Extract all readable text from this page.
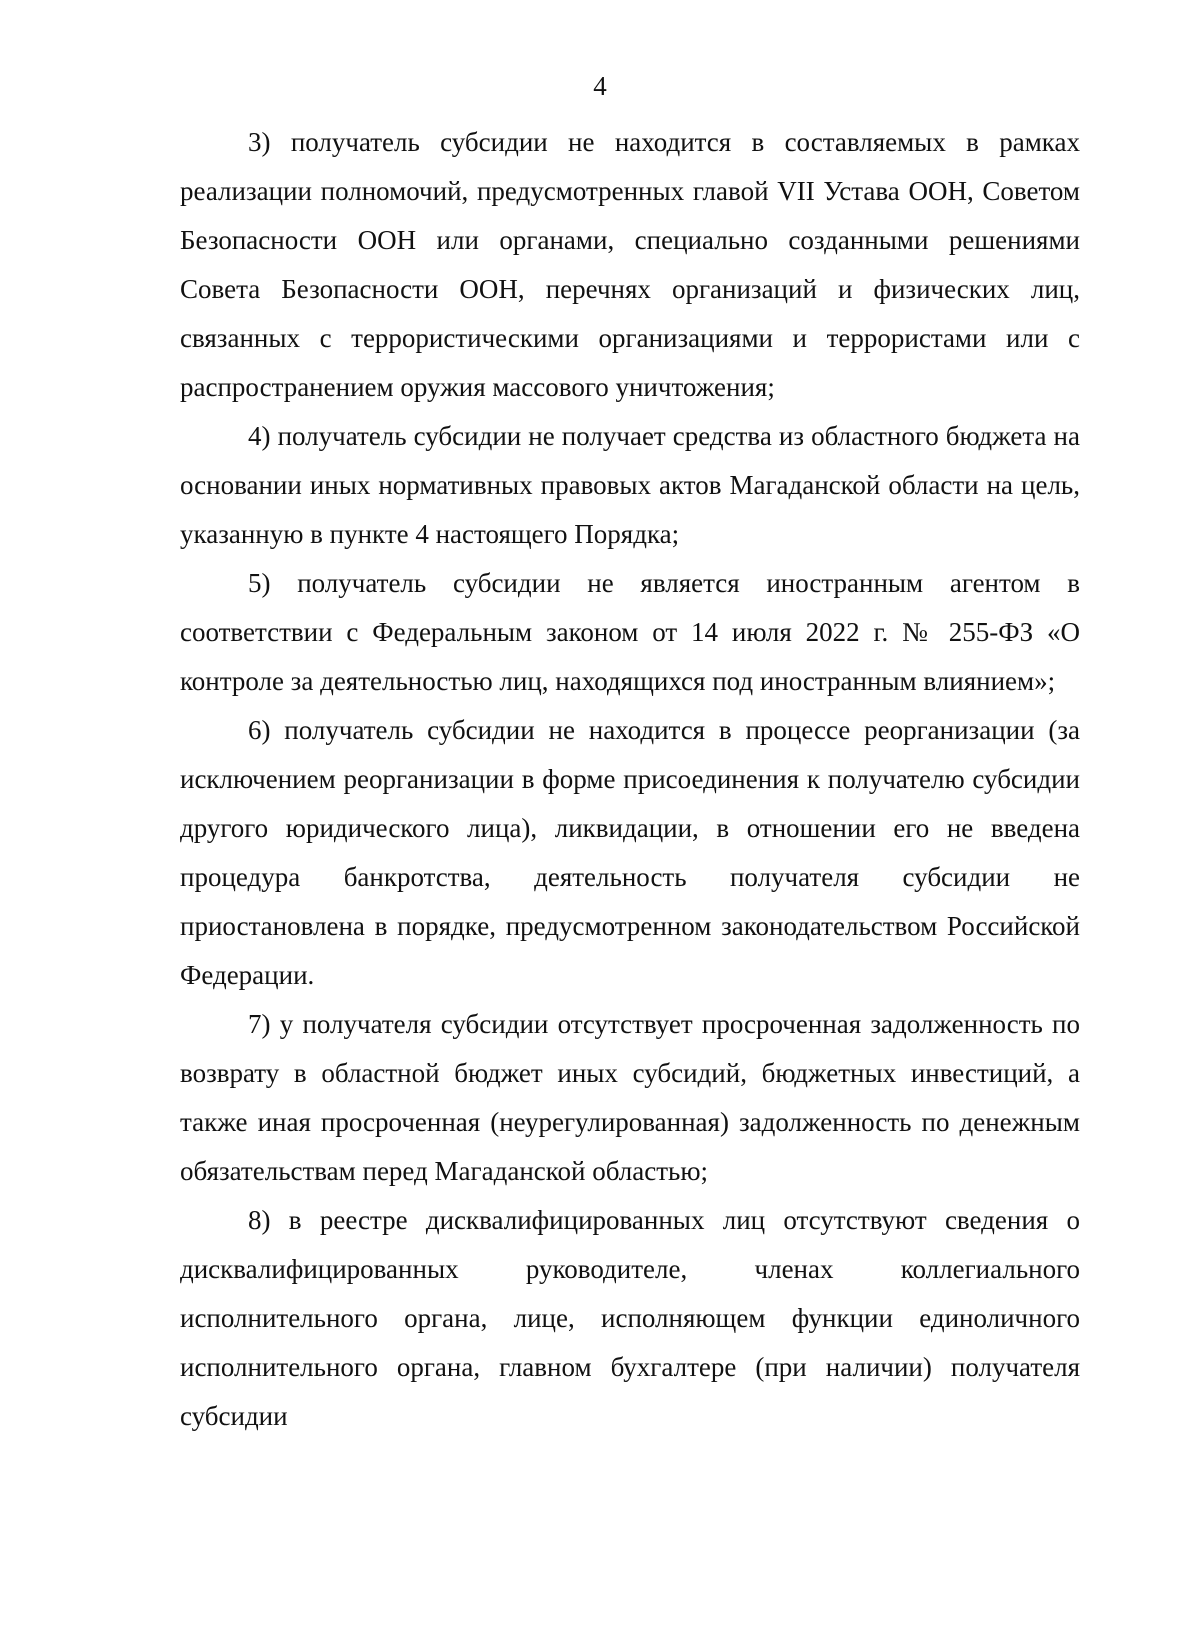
4

3) получатель субсидии не находится в составляемых в рамках реализации полномочий, предусмотренных главой VII Устава ООН, Советом Безопасности ООН или органами, специально созданными решениями Совета Безопасности ООН, перечнях организаций и физических лиц, связанных с террористическими организациями и террористами или с распространением оружия массового уничтожения;

4) получатель субсидии не получает средства из областного бюджета на основании иных нормативных правовых актов Магаданской области на цель, указанную в пункте 4 настоящего Порядка;

5) получатель субсидии не является иностранным агентом в соответствии с Федеральным законом от 14 июля 2022 г. № 255-ФЗ «О контроле за деятельностью лиц, находящихся под иностранным влиянием»;

6) получатель субсидии не находится в процессе реорганизации (за исключением реорганизации в форме присоединения к получателю субсидии другого юридического лица), ликвидации, в отношении его не введена процедура банкротства, деятельность получателя субсидии не приостановлена в порядке, предусмотренном законодательством Российской Федерации.

7) у получателя субсидии отсутствует просроченная задолженность по возврату в областной бюджет иных субсидий, бюджетных инвестиций, а также иная просроченная (неурегулированная) задолженность по денежным обязательствам перед Магаданской областью;

8) в реестре дисквалифицированных лиц отсутствуют сведения о дисквалифицированных руководителе, членах коллегиального исполнительного органа, лице, исполняющем функции единоличного исполнительного органа, главном бухгалтере (при наличии) получателя субсидии
